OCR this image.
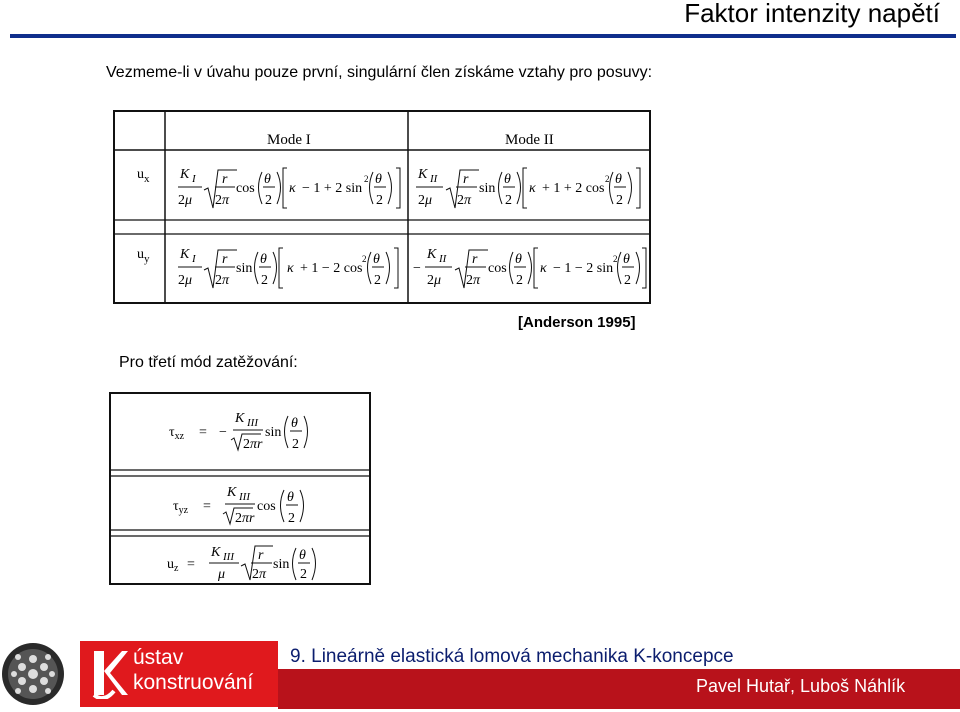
Faktor intenzity napětí
Vezmeme-li v úvahu pouze první, singulární člen získáme vztahy pro posuvy:
Mode I	Mode II
$u_x$
$u_y$
K I
2μ
r
2π
cos
θ
2
κ − 1 + 2 sin
2 θ
2
K II
2μ
r
2π
sin
θ
2
κ + 1 + 2 cos
2 θ
2
K I
2μ
r
2π
sin
θ
2
κ + 1 − 2 cos
2 θ
2
−
K II
2μ
r
2π
cos
θ
2
κ − 1 − 2 sin
2 θ
2
[Anderson 1995]
Pro třetí mód zatěžování:
$\tau_{xz}$ = −
K III
2πr
sin
θ
2
$\tau_{yz}$ =
K III
2πr
cos
θ
2
$u_z$ =
K III
μ
r
2π
sin
θ
2
ústav
konstruování
9. Lineárně elastická lomová mechanika K-koncepce
Pavel Hutař, Luboš Náhlík
